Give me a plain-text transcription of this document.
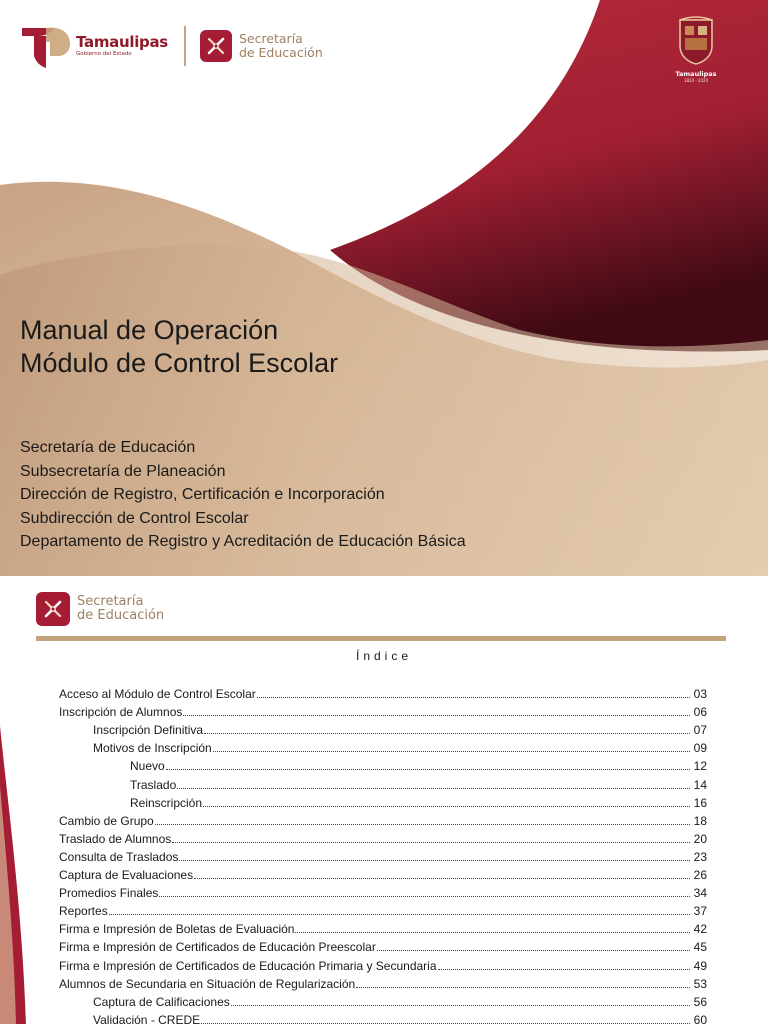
Tamaulipas
Gobierno del Estado
Secretaría
de Educación
Tamaulipas
1824 · 2024
Manual de Operación
Módulo de Control Escolar
Secretaría de Educación
Subsecretaría de Planeación
Dirección de Registro, Certificación e Incorporación
Subdirección de Control Escolar
Departamento de Registro y Acreditación de Educación Básica
Secretaría
de Educación
Índice
Acceso al Módulo de Control Escolar	03
Inscripción de Alumnos	06
Inscripción Definitiva	07
Motivos de Inscripción	09
Nuevo	12
Traslado	14
Reinscripción	16
Cambio de Grupo	18
Traslado de Alumnos	20
Consulta de Traslados	23
Captura de Evaluaciones	26
Promedios Finales	34
Reportes	37
Firma e Impresión de Boletas de Evaluación	42
Firma e Impresión de Certificados de Educación Preescolar	45
Firma e Impresión de Certificados de Educación Primaria y Secundaria	49
Alumnos de Secundaria en Situación de Regularización	53
Captura de Calificaciones	56
Validación - CREDE	60
